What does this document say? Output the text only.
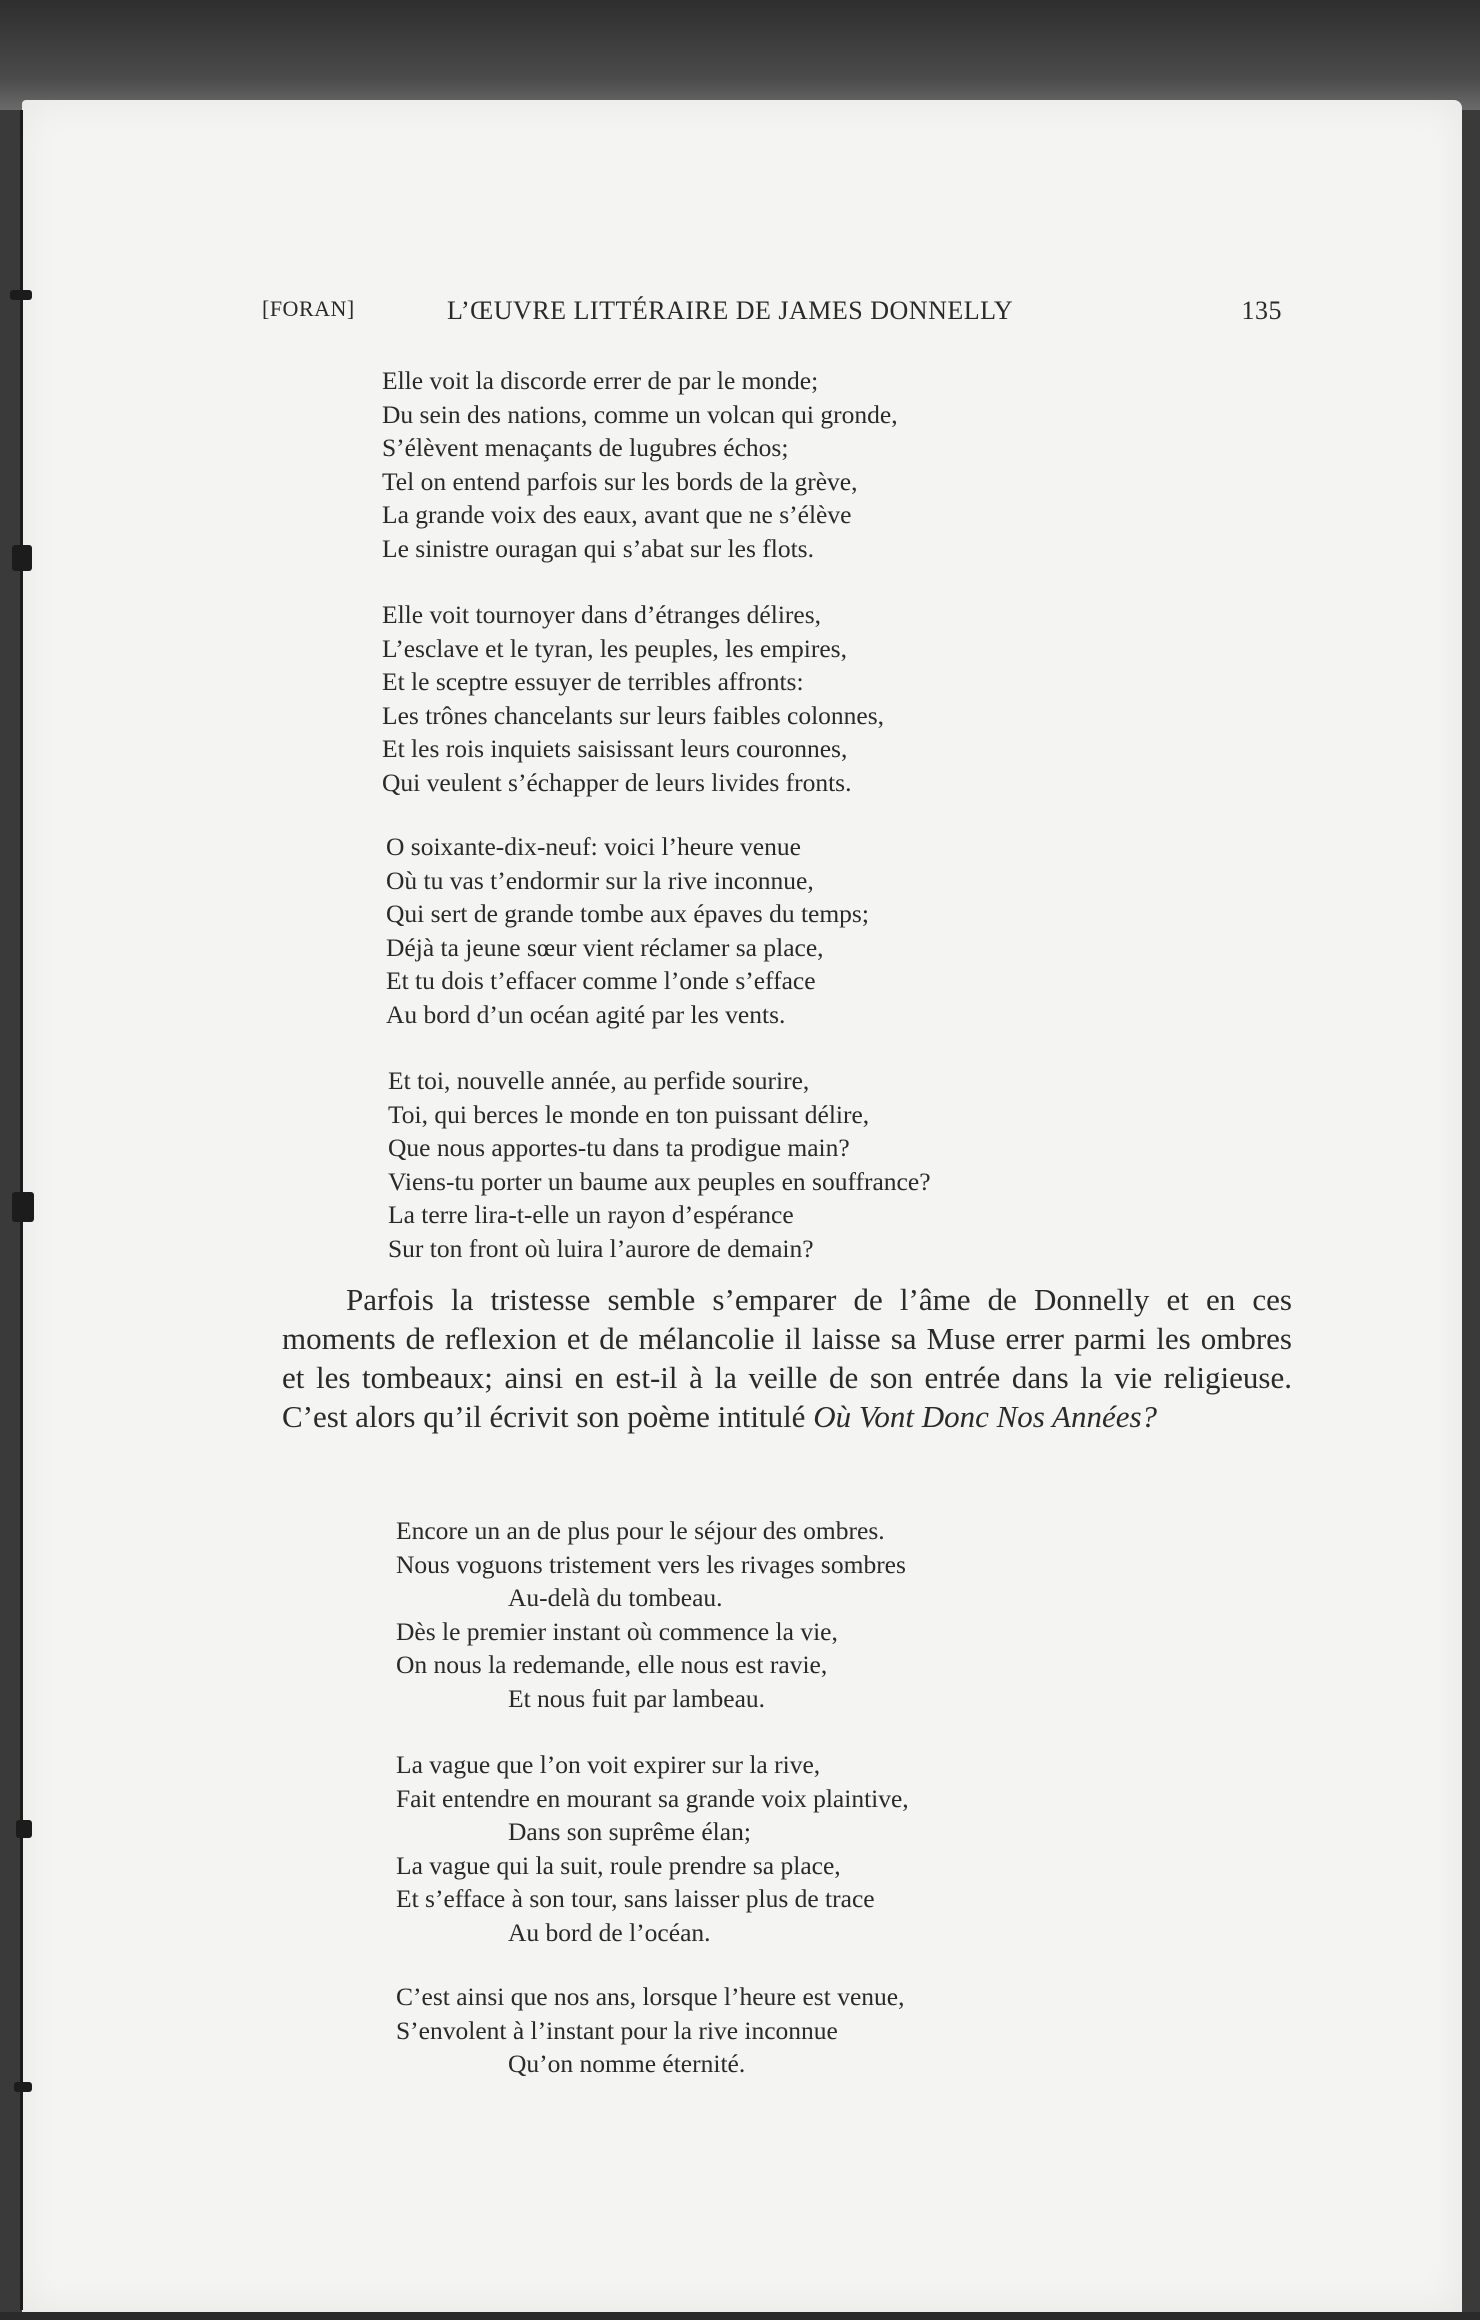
[FORAN]	L’ŒUVRE LITTÉRAIRE DE JAMES DONNELLY	135
Elle voit la discorde errer de par le monde;
Du sein des nations, comme un volcan qui gronde,
S’élèvent menaçants de lugubres échos;
Tel on entend parfois sur les bords de la grève,
La grande voix des eaux, avant que ne s’élève
Le sinistre ouragan qui s’abat sur les flots.
Elle voit tournoyer dans d’étranges délires,
L’esclave et le tyran, les peuples, les empires,
Et le sceptre essuyer de terribles affronts:
Les trônes chancelants sur leurs faibles colonnes,
Et les rois inquiets saisissant leurs couronnes,
Qui veulent s’échapper de leurs livides fronts.
O soixante-dix-neuf: voici l’heure venue
Où tu vas t’endormir sur la rive inconnue,
Qui sert de grande tombe aux épaves du temps;
Déjà ta jeune sœur vient réclamer sa place,
Et tu dois t’effacer comme l’onde s’efface
Au bord d’un océan agité par les vents.
Et toi, nouvelle année, au perfide sourire,
Toi, qui berces le monde en ton puissant délire,
Que nous apportes-tu dans ta prodigue main?
Viens-tu porter un baume aux peuples en souffrance?
La terre lira-t-elle un rayon d’espérance
Sur ton front où luira l’aurore de demain?

Parfois la tristesse semble s’emparer de l’âme de Donnelly et en ces moments de reflexion et de mélancolie il laisse sa Muse errer parmi les ombres et les tombeaux; ainsi en est-il à la veille de son entrée dans la vie religieuse. C’est alors qu’il écrivit son poème intitulé Où Vont Donc Nos Années?

Encore un an de plus pour le séjour des ombres.
Nous voguons tristement vers les rivages sombres
Au-delà du tombeau.
Dès le premier instant où commence la vie,
On nous la redemande, elle nous est ravie,
Et nous fuit par lambeau.
La vague que l’on voit expirer sur la rive,
Fait entendre en mourant sa grande voix plaintive,
Dans son suprême élan;
La vague qui la suit, roule prendre sa place,
Et s’efface à son tour, sans laisser plus de trace
Au bord de l’océan.
C’est ainsi que nos ans, lorsque l’heure est venue,
S’envolent à l’instant pour la rive inconnue
Qu’on nomme éternité.
